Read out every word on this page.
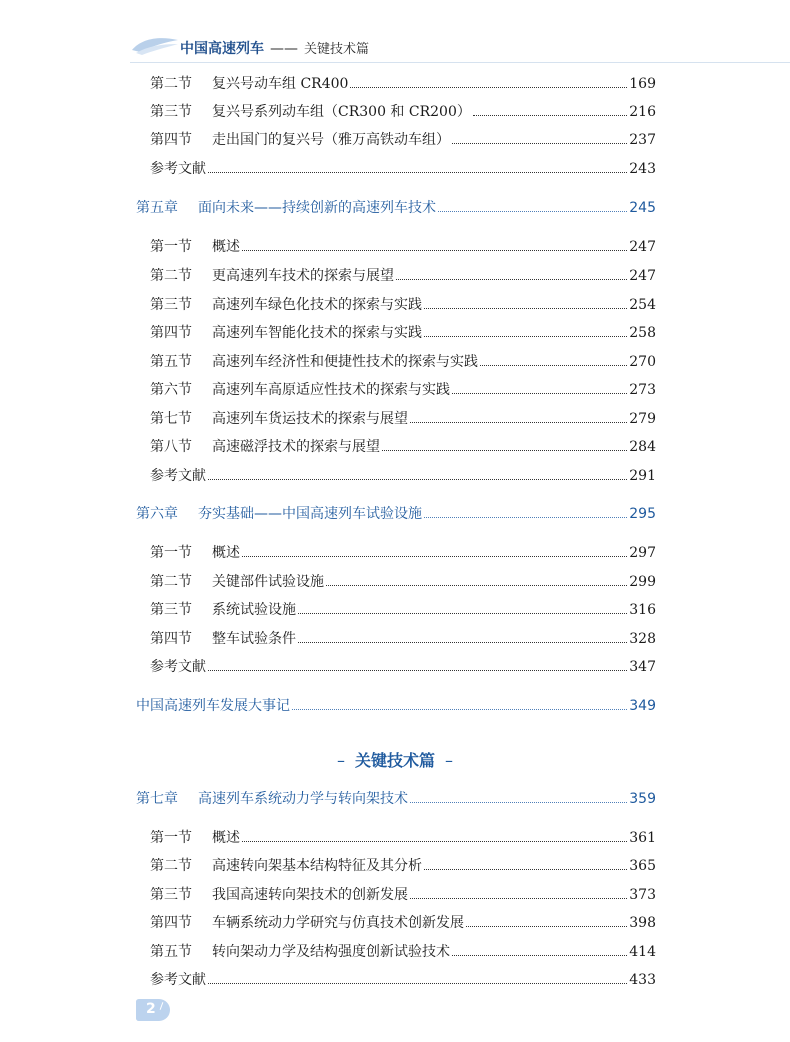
中国高速列车 —— 关键技术篇
第二节	复兴号动车组 CR400	169
第三节	复兴号系列动车组（CR300 和 CR200）	216
第四节	走出国门的复兴号（雅万高铁动车组）	237
参考文献	243
第五章	面向未来——持续创新的高速列车技术	245
第一节	概述	247
第二节	更高速列车技术的探索与展望	247
第三节	高速列车绿色化技术的探索与实践	254
第四节	高速列车智能化技术的探索与实践	258
第五节	高速列车经济性和便捷性技术的探索与实践	270
第六节	高速列车高原适应性技术的探索与实践	273
第七节	高速列车货运技术的探索与展望	279
第八节	高速磁浮技术的探索与展望	284
参考文献	291
第六章	夯实基础——中国高速列车试验设施	295
第一节	概述	297
第二节	关键部件试验设施	299
第三节	系统试验设施	316
第四节	整车试验条件	328
参考文献	347
中国高速列车发展大事记	349
第七章	高速列车系统动力学与转向架技术	359
第一节	概述	361
第二节	高速转向架基本结构特征及其分析	365
第三节	我国高速转向架技术的创新发展	373
第四节	车辆系统动力学研究与仿真技术创新发展	398
第五节	转向架动力学及结构强度创新试验技术	414
参考文献	433
– 关键技术篇 –
2
